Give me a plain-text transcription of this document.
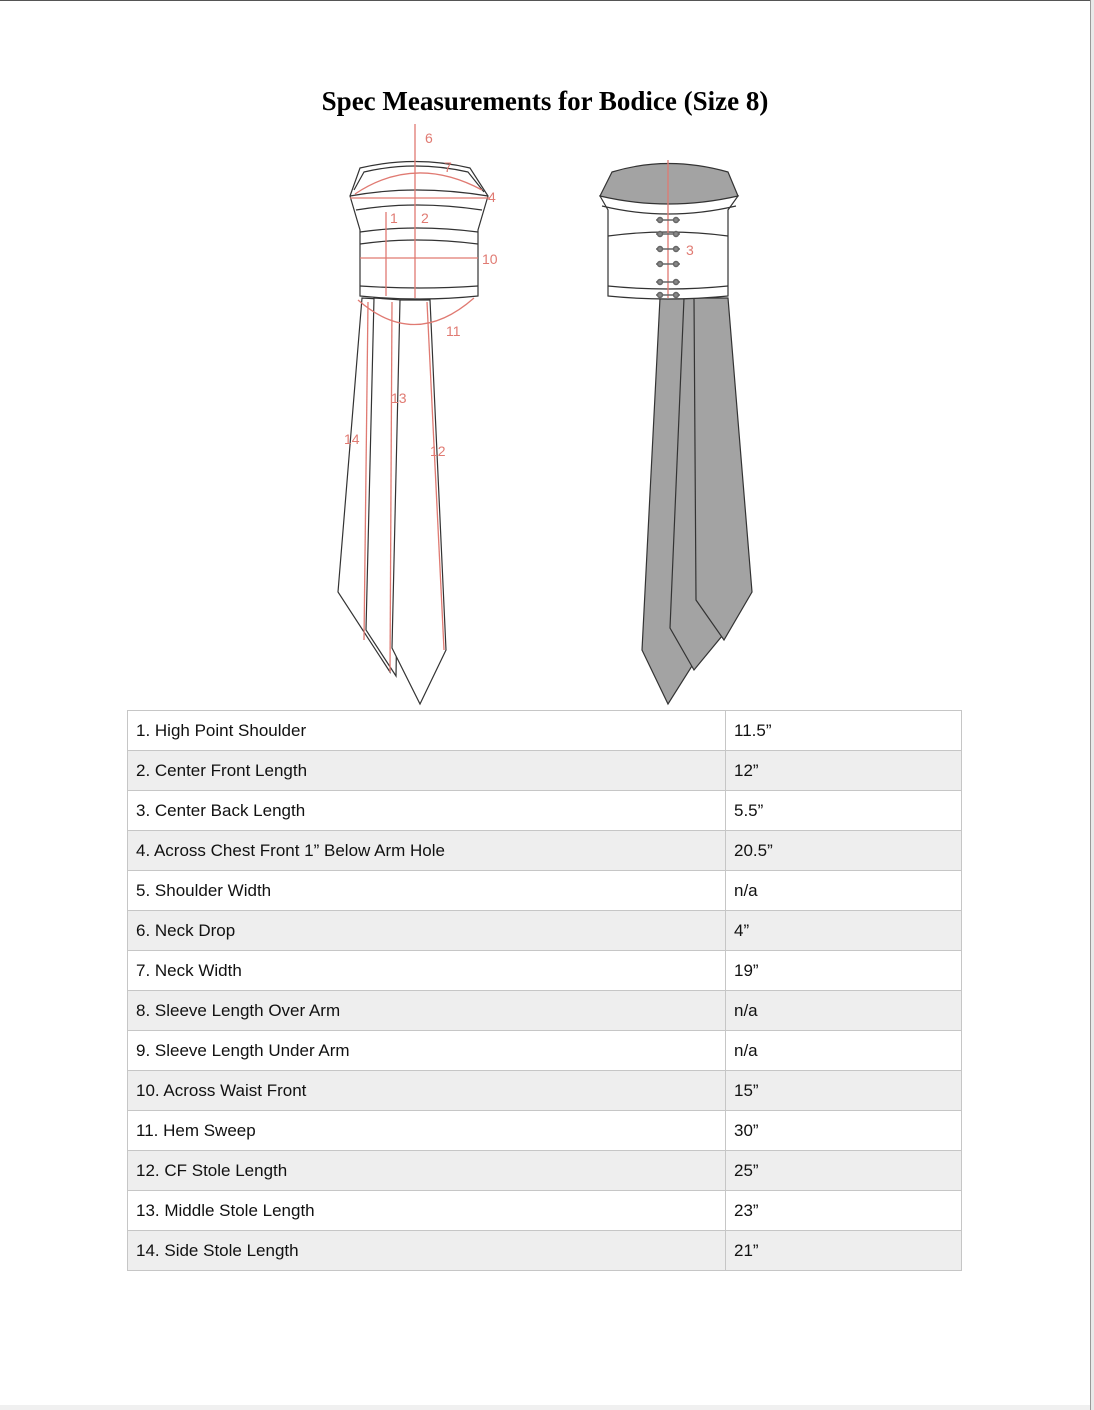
Spec Measurements for Bodice (Size 8)
6
7
4
1 2
10
11
13
14
12
3
1. High Point Shoulder	11.5”
2. Center Front Length	12”
3. Center Back Length	5.5”
4. Across Chest Front 1” Below Arm Hole	20.5”
5. Shoulder Width	n/a
6. Neck Drop	4”
7. Neck Width	19”
8. Sleeve Length Over Arm	n/a
9. Sleeve Length Under Arm	n/a
10. Across Waist Front	15”
11. Hem Sweep	30”
12. CF Stole Length	25”
13. Middle Stole Length	23”
14. Side Stole Length	21”
